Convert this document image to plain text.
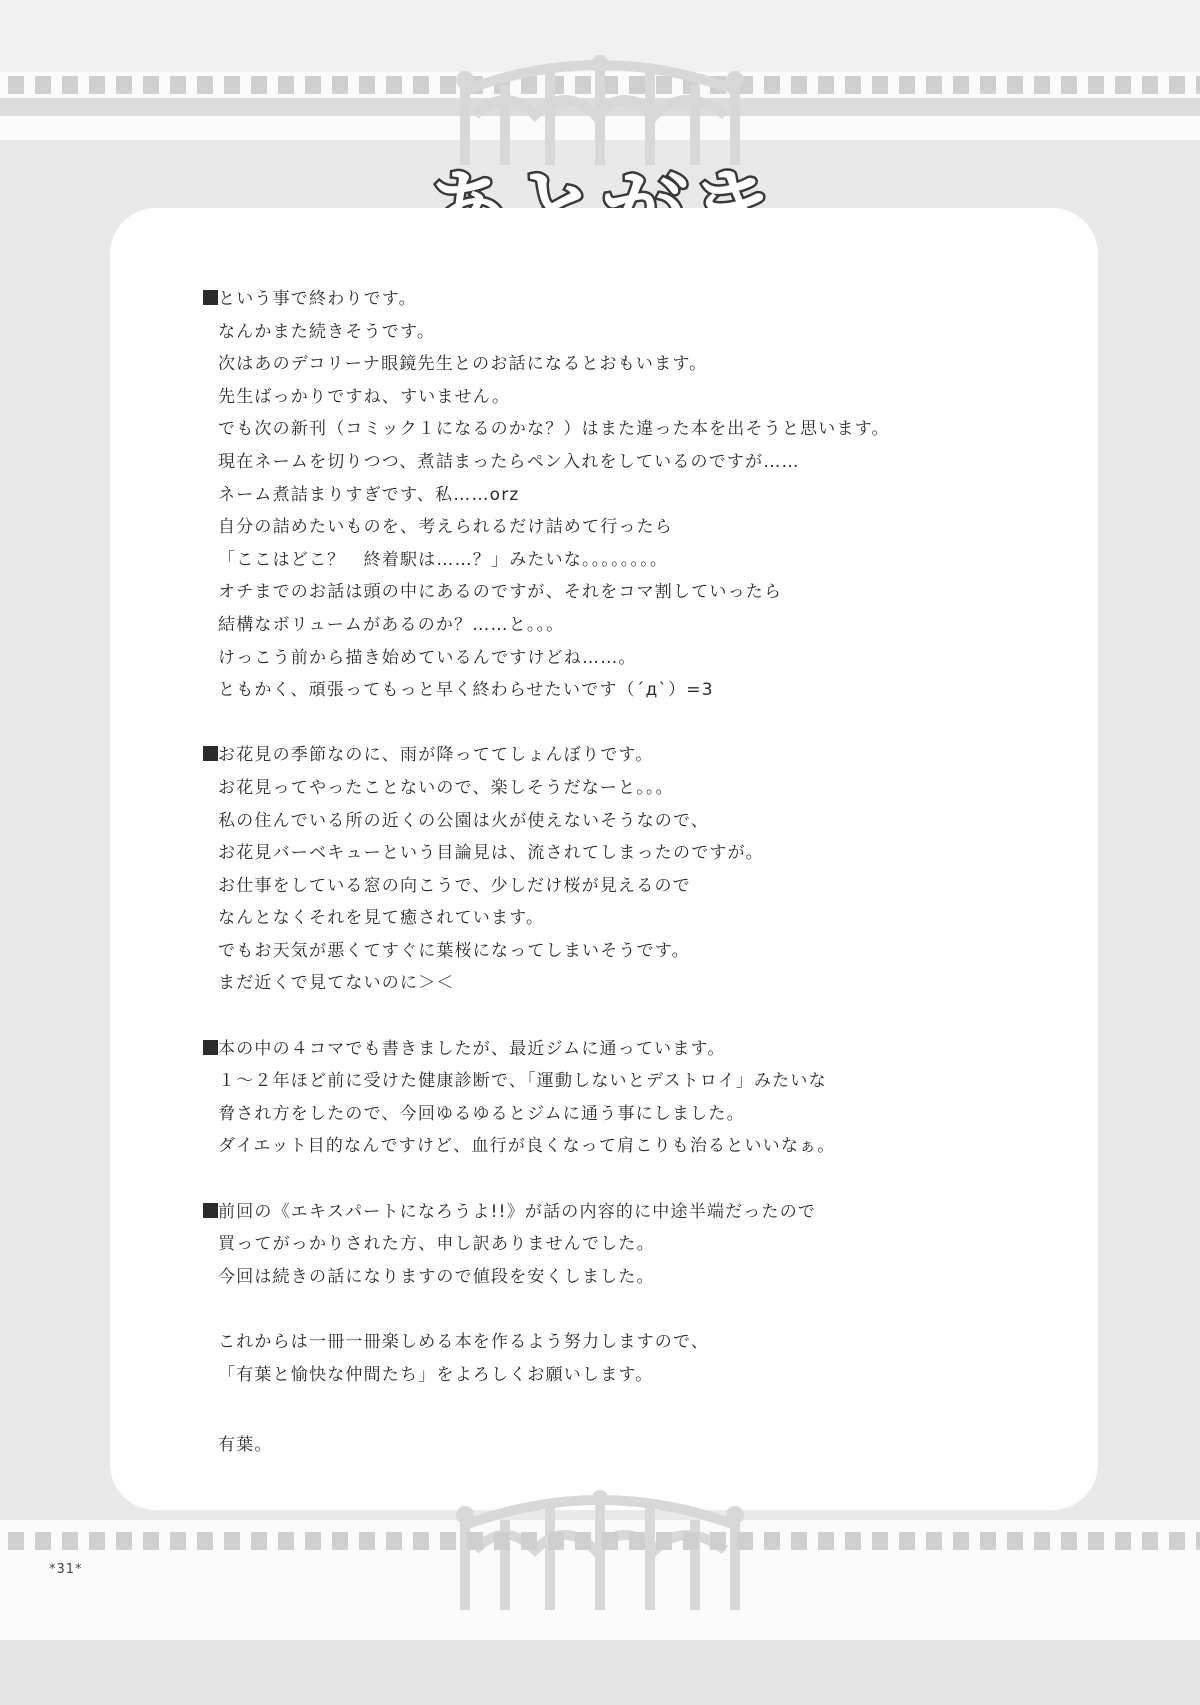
という事で終わりです。
なんかまた続きそうです。
次はあのデコリーナ眼鏡先生とのお話になるとおもいます。
先生ばっかりですね、すいません。
でも次の新刊（コミック１になるのかな？）はまた違った本を出そうと思います。
現在ネームを切りつつ、煮詰まったらペン入れをしているのですが……
ネーム煮詰まりすぎです、私……orz
自分の詰めたいものを、考えられるだけ詰めて行ったら
「ここはどこ？　終着駅は……？」みたいな。。。。。。。。
オチまでのお話は頭の中にあるのですが、それをコマ割していったら
結構なボリュームがあるのか？……と。。。
けっこう前から描き始めているんですけどね……。
ともかく、頑張ってもっと早く終わらせたいです（´д`）=3
お花見の季節なのに、雨が降っててしょんぼりです。
お花見ってやったことないので、楽しそうだなーと。。。
私の住んでいる所の近くの公園は火が使えないそうなので、
お花見バーベキューという目論見は、流されてしまったのですが。
お仕事をしている窓の向こうで、少しだけ桜が見えるので
なんとなくそれを見て癒されています。
でもお天気が悪くてすぐに葉桜になってしまいそうです。
まだ近くで見てないのに＞＜
本の中の４コマでも書きましたが、最近ジムに通っています。
１～２年ほど前に受けた健康診断で、「運動しないとデストロイ」みたいな
脅され方をしたので、今回ゆるゆるとジムに通う事にしました。
ダイエット目的なんですけど、血行が良くなって肩こりも治るといいなぁ。
前回の《エキスパートになろうよ!!》が話の内容的に中途半端だったので
買ってがっかりされた方、申し訳ありませんでした。
今回は続きの話になりますので値段を安くしました。
これからは一冊一冊楽しめる本を作るよう努力しますので、
「有葉と愉快な仲間たち」をよろしくお願いします。
有葉。
*31*
